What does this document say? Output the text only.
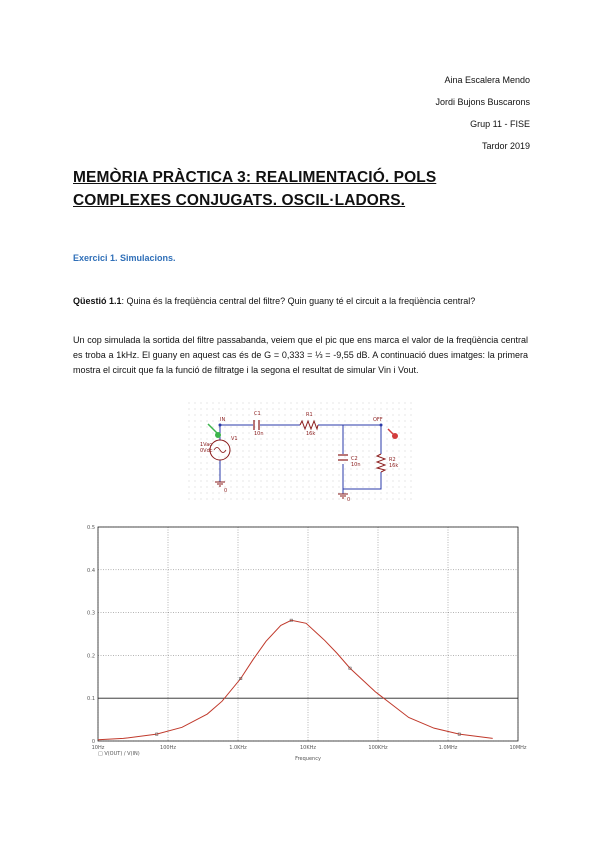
Aina Escalera Mendo
Jordi Bujons Buscarons
Grup 11 - FISE
Tardor 2019
MEMÒRIA PRÀCTICA 3: REALIMENTACIÓ. POLS COMPLEXES CONJUGATS. OSCIL·LADORS.
Exercici 1. Simulacions.
Qüestió 1.1: Quina és la freqüència central del filtre? Quin guany té el circuit a la freqüència central?
Un cop simulada la sortida del filtre passabanda, veiem que el pic que ens marca el valor de la freqüència central es troba a 1kHz. El guany en aquest cas és de G = 0,333 = ⅓ = -9,55 dB. A continuació dues imatges: la primera mostra el circuit que fa la funció de filtratge i la segona el resultat de simular Vin i Vout.
IN	OFF
C1
10n
R1
16k
C2
10n
R2
16k
1Vac
0Vdc
V1
0
0
10Hz	100Hz	1.0KHz	10KHz	100KHz	1.0MHz	10MHz
0
0.1
0.2
0.3
0.4
0.5
Frequency
□ V(OUT) / V(IN)
